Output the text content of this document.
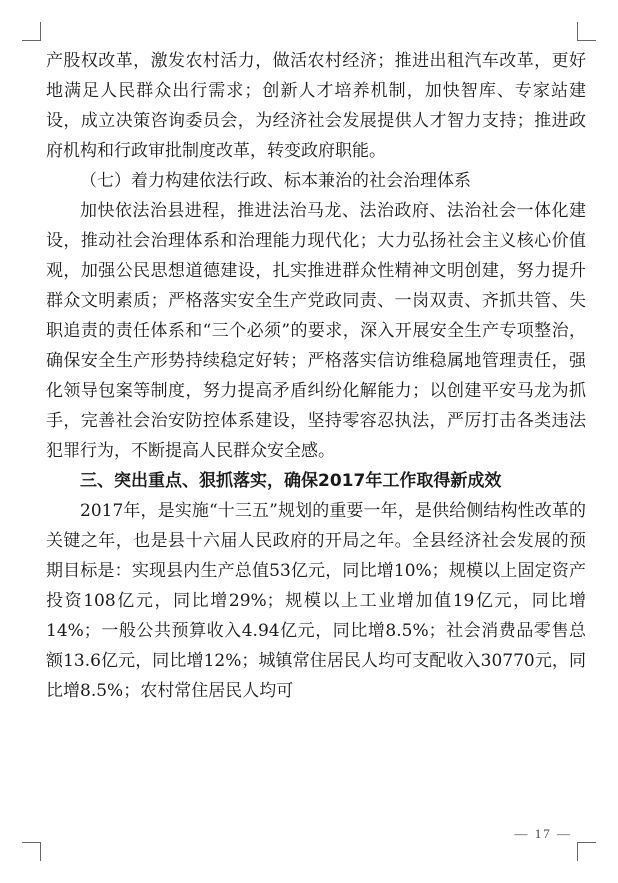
产股权改革，激发农村活力，做活农村经济；推进出租汽车改革，更好地满足人民群众出行需求；创新人才培养机制，加快智库、专家站建设，成立决策咨询委员会，为经济社会发展提供人才智力支持；推进政府机构和行政审批制度改革，转变政府职能。

（七）着力构建依法行政、标本兼治的社会治理体系

加快依法治县进程，推进法治马龙、法治政府、法治社会一体化建设，推动社会治理体系和治理能力现代化；大力弘扬社会主义核心价值观，加强公民思想道德建设，扎实推进群众性精神文明创建，努力提升群众文明素质；严格落实安全生产党政同责、一岗双责、齐抓共管、失职追责的责任体系和“三个必须”的要求，深入开展安全生产专项整治，确保安全生产形势持续稳定好转；严格落实信访维稳属地管理责任，强化领导包案等制度，努力提高矛盾纠纷化解能力；以创建平安马龙为抓手，完善社会治安防控体系建设，坚持零容忍执法，严厉打击各类违法犯罪行为，不断提高人民群众安全感。

三、突出重点、狠抓落实，确保2017年工作取得新成效

2017年，是实施“十三五”规划的重要一年，是供给侧结构性改革的关键之年，也是县十六届人民政府的开局之年。全县经济社会发展的预期目标是：实现县内生产总值53亿元，同比增10%；规模以上固定资产投资108亿元，同比增29%；规模以上工业增加值19亿元，同比增14%；一般公共预算收入4.94亿元，同比增8.5%；社会消费品零售总额13.6亿元，同比增12%；城镇常住居民人均可支配收入30770元，同比增8.5%；农村常住居民人均可

— 17 —
